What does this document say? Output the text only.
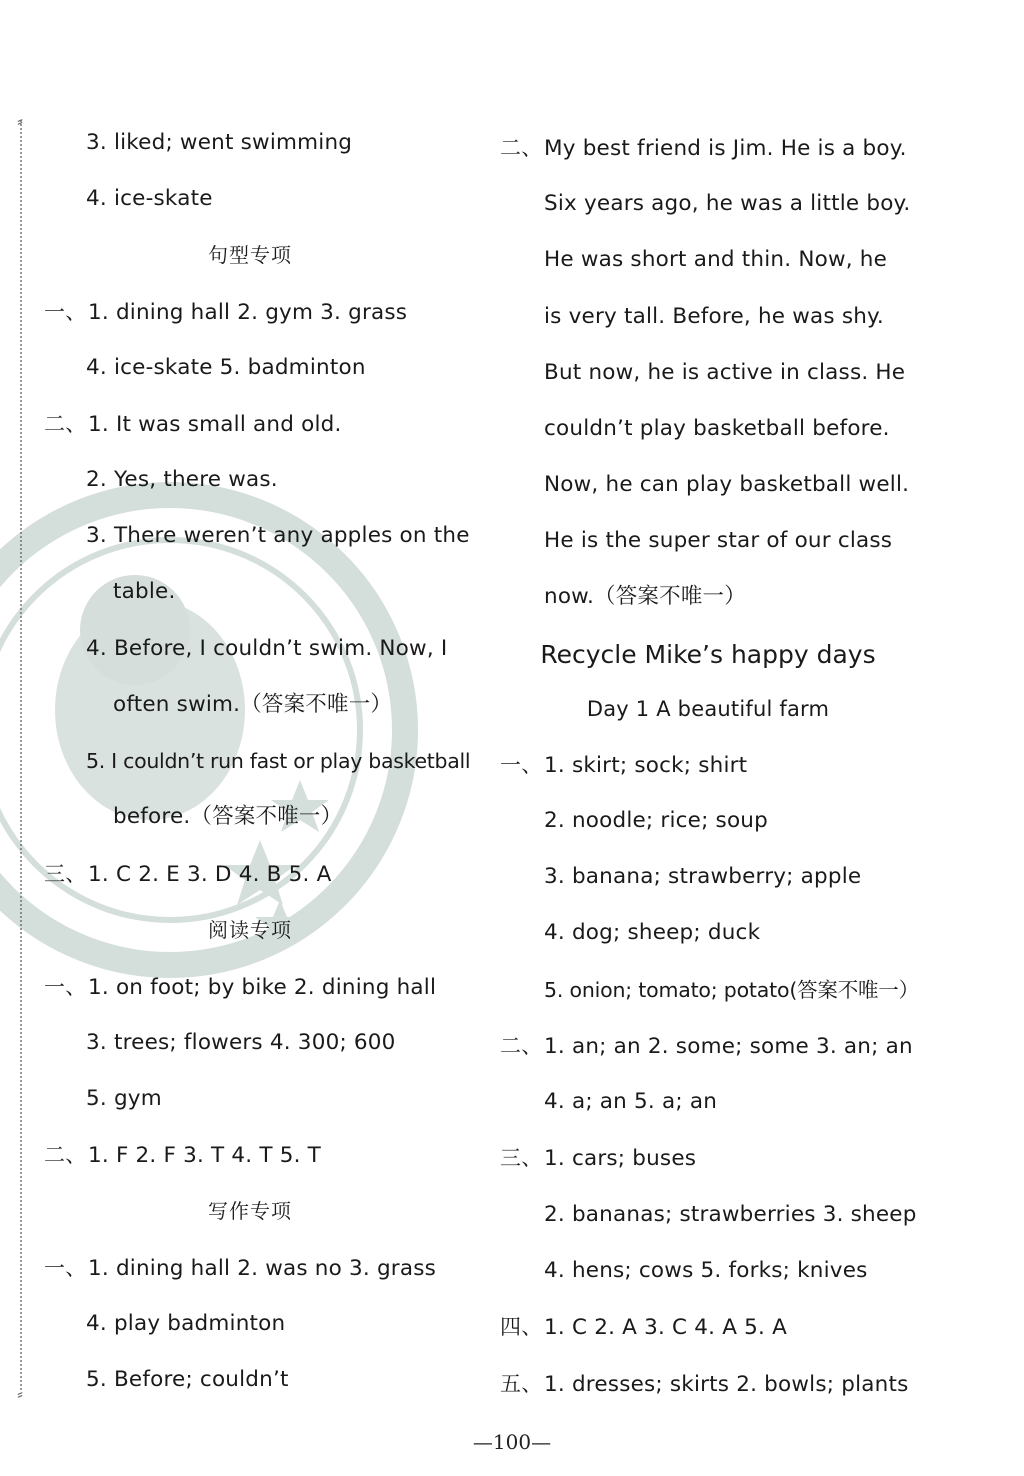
⸗
⸗
3. liked; went swimming
4. ice-skate
句型专项
一、1. dining hall 2. gym 3. grass
4. ice-skate 5. badminton
二、1. It was small and old.
2. Yes, there was.
3. There weren’t any apples on the
table.
4. Before, I couldn’t swim. Now, I
often swim.（答案不唯一）
5. I couldn’t run fast or play basketball
before.（答案不唯一）
三、1. C 2. E 3. D 4. B 5. A
阅读专项
一、1. on foot; by bike 2. dining hall
3. trees; flowers 4. 300; 600
5. gym
二、1. F 2. F 3. T 4. T 5. T
写作专项
一、1. dining hall 2. was no 3. grass
4. play badminton
5. Before; couldn’t
二、My best friend is Jim. He is a boy.
Six years ago, he was a little boy.
He was short and thin. Now, he
is very tall. Before, he was shy.
But now, he is active in class. He
couldn’t play basketball before.
Now, he can play basketball well.
He is the super star of our class
now.（答案不唯一）
Recycle Mike’s happy days
Day 1 A beautiful farm
一、1. skirt; sock; shirt
2. noodle; rice; soup
3. banana; strawberry; apple
4. dog; sheep; duck
5. onion; tomato; potato(答案不唯一）
二、1. an; an 2. some; some 3. an; an
4. a; an 5. a; an
三、1. cars; buses
2. bananas; strawberries 3. sheep
4. hens; cows 5. forks; knives
四、1. C 2. A 3. C 4. A 5. A
五、1. dresses; skirts 2. bowls; plants
—100—
